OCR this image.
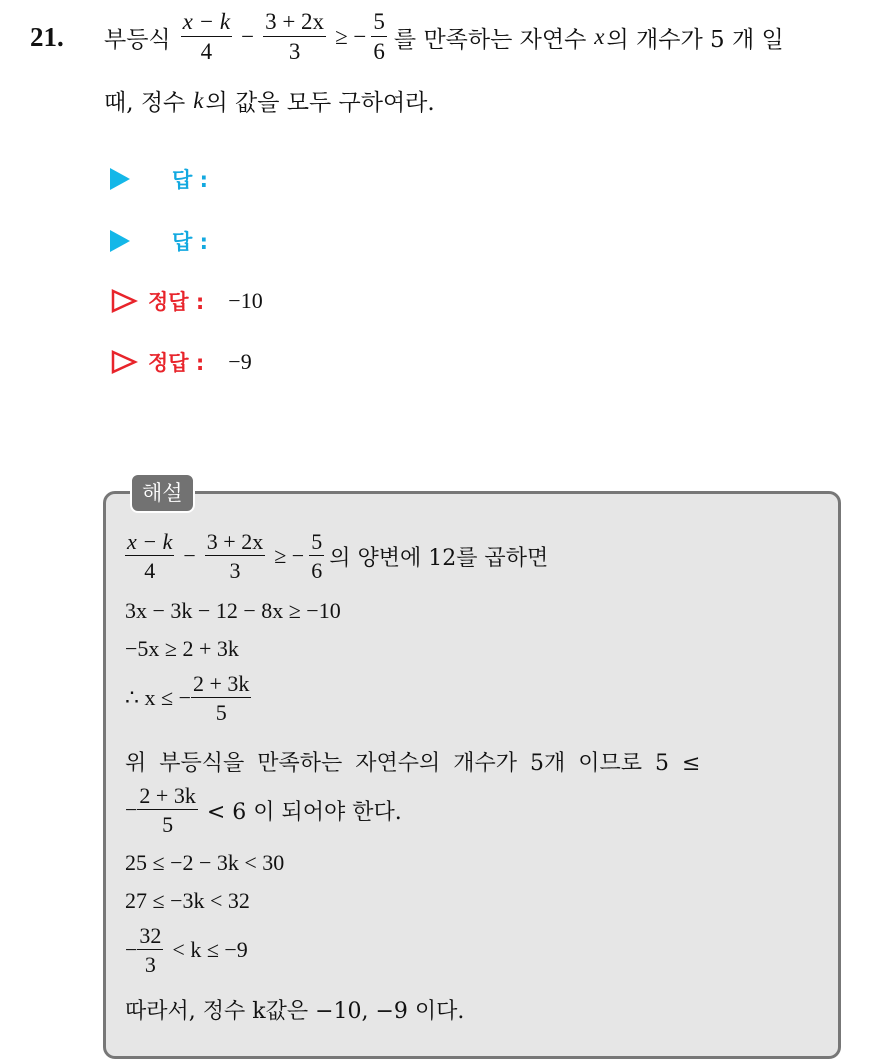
21. 부등식 $\frac{x - k}{4} - \frac{3 + 2x}{3}$ ≥ − $\frac{5}{6}$ 를 만족하는 자연수 x 의 개수가 5 개 일
때, 정수 k 의 값을 모두 구하여라.
답 :
답 :
정답 : −10
정답 : −9
해설
$\frac{x - k}{4} - \frac{3 + 2x}{3}$ ≥ − $\frac{5}{6}$ 의 양변에 12를 곱하면
3x − 3k − 12 − 8x ≥ −10
−5x ≥ 2 + 3k
∴ x ≤ − $\frac{2 + 3k}{5}$
위 부등식을 만족하는 자연수의 개수가 5개 이므로 5 ≤
− $\frac{2 + 3k}{5} < 6$ 이 되어야 한다.
25 ≤ −2 − 3k < 30
27 ≤ −3k < 32
− $\frac{32}{3} < k \le -9$
따라서, 정수 k값은 −10, −9 이다.
